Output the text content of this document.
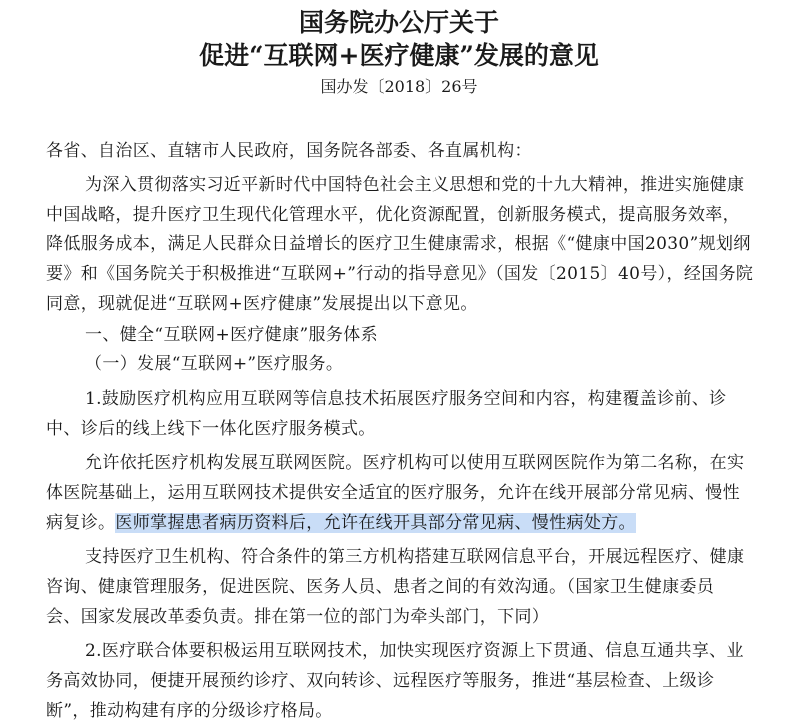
国务院办公厅关于
促进“互联网+医疗健康”发展的意见
国办发〔2018〕26号
各省、自治区、直辖市人民政府，国务院各部委、各直属机构：
为深入贯彻落实习近平新时代中国特色社会主义思想和党的十九大精神，推进实施健康
中国战略，提升医疗卫生现代化管理水平，优化资源配置，创新服务模式，提高服务效率，
降低服务成本，满足人民群众日益增长的医疗卫生健康需求，根据《“健康中国2030”规划纲
要》和《国务院关于积极推进“互联网+”行动的指导意见》（国发〔2015〕40号），经国务院
同意，现就促进“互联网+医疗健康”发展提出以下意见。
一、健全“互联网+医疗健康”服务体系
（一）发展“互联网+”医疗服务。
1.鼓励医疗机构应用互联网等信息技术拓展医疗服务空间和内容，构建覆盖诊前、诊
中、诊后的线上线下一体化医疗服务模式。
允许依托医疗机构发展互联网医院。医疗机构可以使用互联网医院作为第二名称，在实
体医院基础上，运用互联网技术提供安全适宜的医疗服务，允许在线开展部分常见病、慢性
病复诊。医师掌握患者病历资料后，允许在线开具部分常见病、慢性病处方。
支持医疗卫生机构、符合条件的第三方机构搭建互联网信息平台，开展远程医疗、健康
咨询、健康管理服务，促进医院、医务人员、患者之间的有效沟通。（国家卫生健康委员
会、国家发展改革委负责。排在第一位的部门为牵头部门，下同）
2.医疗联合体要积极运用互联网技术，加快实现医疗资源上下贯通、信息互通共享、业
务高效协同，便捷开展预约诊疗、双向转诊、远程医疗等服务，推进“基层检查、上级诊
断”，推动构建有序的分级诊疗格局。
